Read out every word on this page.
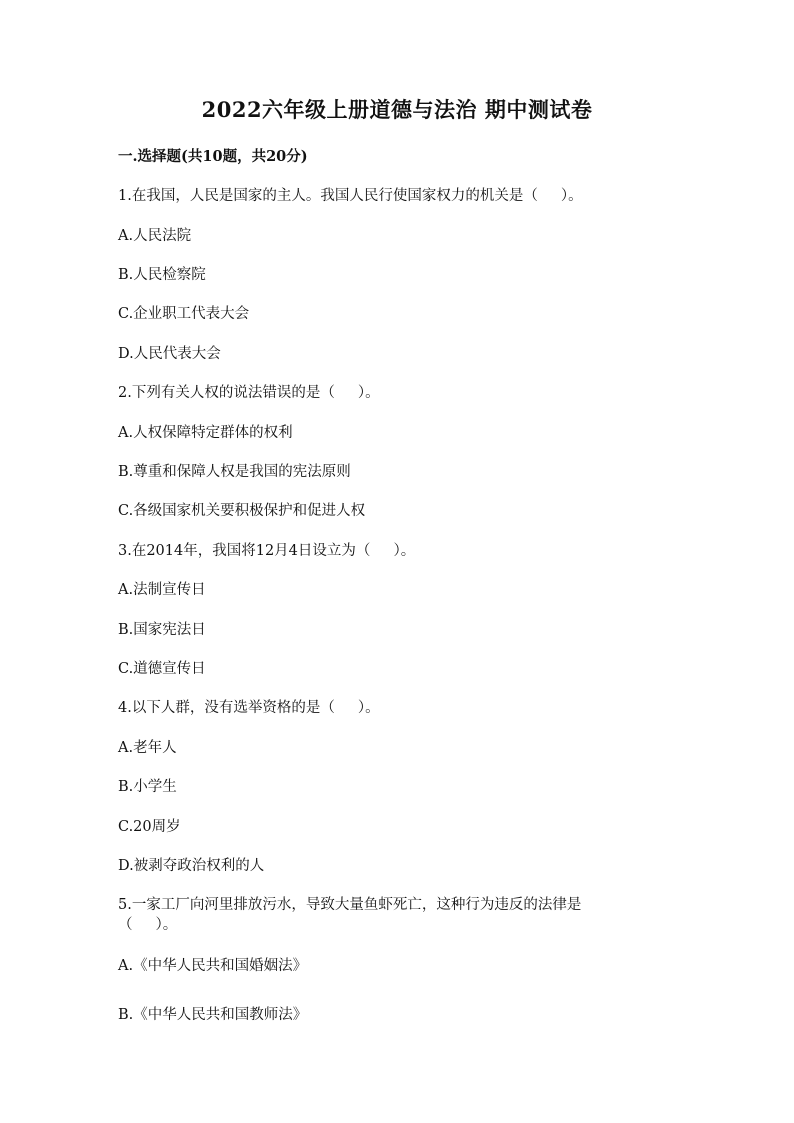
2022六年级上册道德与法治 期中测试卷
一.选择题(共10题，共20分)
1.在我国，人民是国家的主人。我国人民行使国家权力的机关是（     ）。
A.人民法院
B.人民检察院
C.企业职工代表大会
D.人民代表大会
2.下列有关人权的说法错误的是（     ）。
A.人权保障特定群体的权利
B.尊重和保障人权是我国的宪法原则
C.各级国家机关要积极保护和促进人权
3.在2014年，我国将12月4日设立为（     ）。
A.法制宣传日
B.国家宪法日
C.道德宣传日
4.以下人群，没有选举资格的是（     ）。
A.老年人
B.小学生
C.20周岁
D.被剥夺政治权利的人
5.一家工厂向河里排放污水，导致大量鱼虾死亡，这种行为违反的法律是
（     ）。
A.《中华人民共和国婚姻法》
B.《中华人民共和国教师法》
